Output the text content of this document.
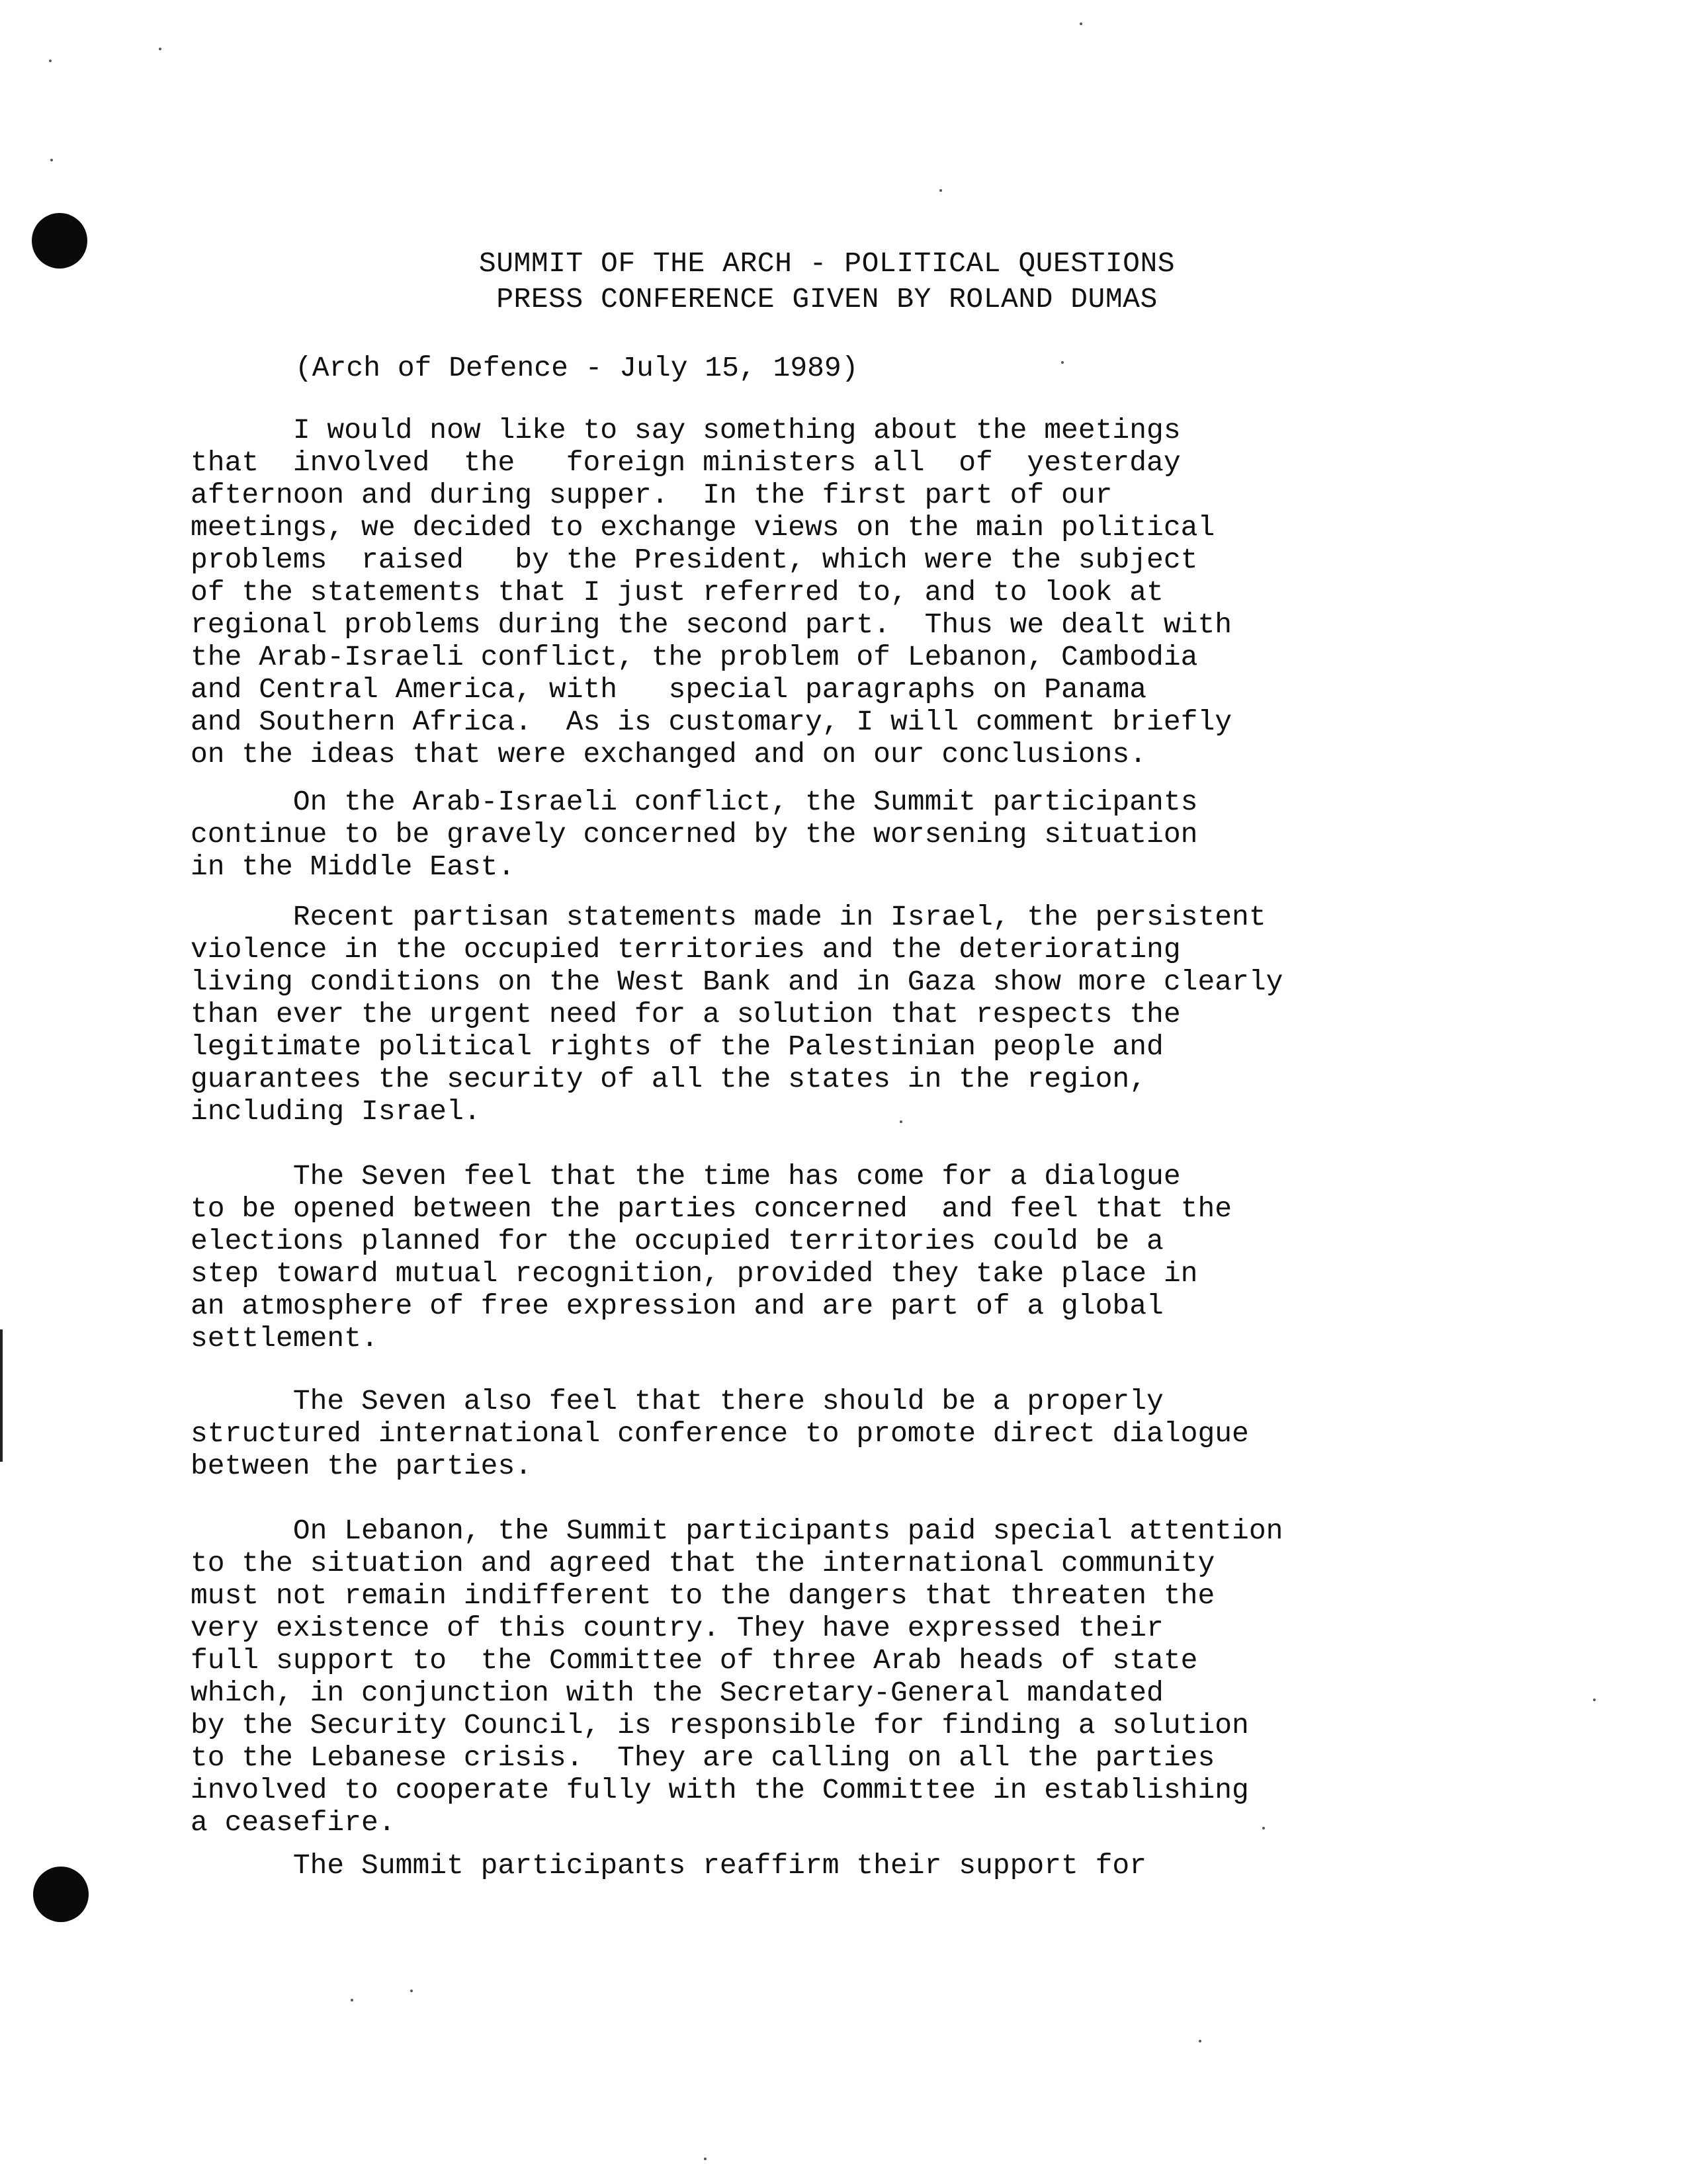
SUMMIT OF THE ARCH - POLITICAL QUESTIONS
PRESS CONFERENCE GIVEN BY ROLAND DUMAS
(Arch of Defence - July 15, 1989)
I would now like to say something about the meetings
that  involved  the   foreign ministers all  of  yesterday
afternoon and during supper.  In the first part of our
meetings, we decided to exchange views on the main political
problems  raised   by the President, which were the subject
of the statements that I just referred to, and to look at
regional problems during the second part.  Thus we dealt with
the Arab-Israeli conflict, the problem of Lebanon, Cambodia
and Central America, with   special paragraphs on Panama
and Southern Africa.  As is customary, I will comment briefly
on the ideas that were exchanged and on our conclusions.
On the Arab-Israeli conflict, the Summit participants
continue to be gravely concerned by the worsening situation
in the Middle East.
Recent partisan statements made in Israel, the persistent
violence in the occupied territories and the deteriorating
living conditions on the West Bank and in Gaza show more clearly
than ever the urgent need for a solution that respects the
legitimate political rights of the Palestinian people and
guarantees the security of all the states in the region,
including Israel.
The Seven feel that the time has come for a dialogue
to be opened between the parties concerned  and feel that the
elections planned for the occupied territories could be a
step toward mutual recognition, provided they take place in
an atmosphere of free expression and are part of a global
settlement.
The Seven also feel that there should be a properly
structured international conference to promote direct dialogue
between the parties.
On Lebanon, the Summit participants paid special attention
to the situation and agreed that the international community
must not remain indifferent to the dangers that threaten the
very existence of this country. They have expressed their
full support to  the Committee of three Arab heads of state
which, in conjunction with the Secretary-General mandated
by the Security Council, is responsible for finding a solution
to the Lebanese crisis.  They are calling on all the parties
involved to cooperate fully with the Committee in establishing
a ceasefire.
The Summit participants reaffirm their support for
